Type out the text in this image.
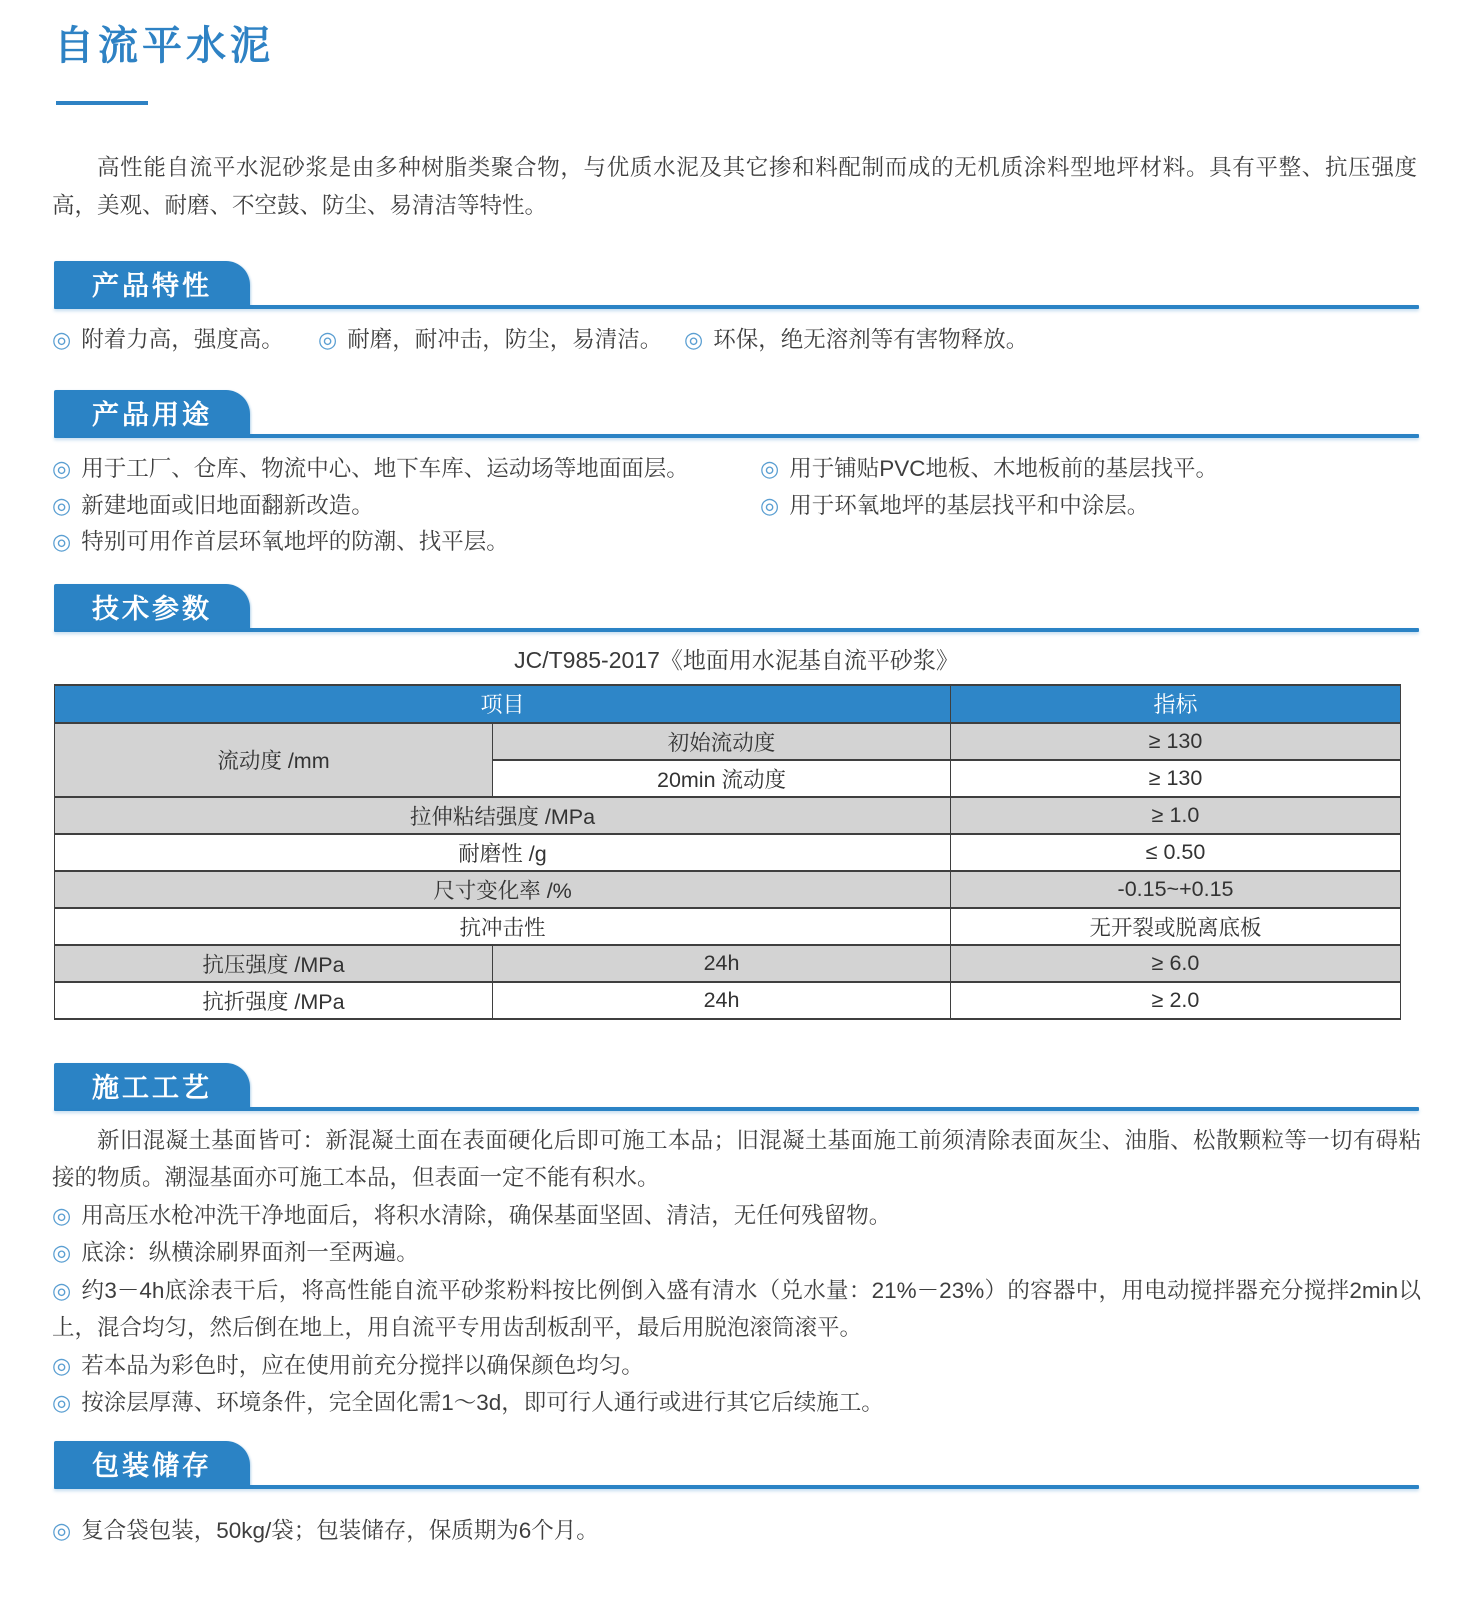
自流平水泥

高性能自流平水泥砂浆是由多种树脂类聚合物，与优质水泥及其它掺和料配制而成的无机质涂料型地坪材料。具有平整、抗压强度高，美观、耐磨、不空鼓、防尘、易清洁等特性。

产品特性
◎ 附着力高，强度高。	◎ 耐磨，耐冲击，防尘，易清洁。 ◎ 环保，绝无溶剂等有害物释放。
产品用途
◎ 用于工厂、仓库、物流中心、地下车库、运动场等地面面层。
◎ 新建地面或旧地面翻新改造。
◎ 特别可用作首层环氧地坪的防潮、找平层。
◎ 用于铺贴PVC地板、木地板前的基层找平。
◎ 用于环氧地坪的基层找平和中涂层。
技术参数
JC/T985-2017《地面用水泥基自流平砂浆》
项目		指标
流动度 /mm	初始流动度	≥ 130
	20min 流动度	≥ 130
拉伸粘结强度 /MPa		≥ 1.0
耐磨性 /g		≤ 0.50
尺寸变化率 /%		-0.15~+0.15
抗冲击性		无开裂或脱离底板
抗压强度 /MPa	24h	≥ 6.0
抗折强度 /MPa	24h	≥ 2.0
施工工艺

新旧混凝土基面皆可：新混凝土面在表面硬化后即可施工本品；旧混凝土基面施工前须清除表面灰尘、油脂、松散颗粒等一切有碍粘接的物质。潮湿基面亦可施工本品，但表面一定不能有积水。

◎ 用高压水枪冲洗干净地面后，将积水清除，确保基面坚固、清洁，无任何残留物。
◎ 底涂：纵横涂刷界面剂一至两遍。
◎ 约3－4h底涂表干后，将高性能自流平砂浆粉料按比例倒入盛有清水（兑水量：21%－23%）的容器中，用电动搅拌器充分搅拌2min以上，混合均匀，然后倒在地上，用自流平专用齿刮板刮平，最后用脱泡滚筒滚平。
◎ 若本品为彩色时，应在使用前充分搅拌以确保颜色均匀。
◎ 按涂层厚薄、环境条件，完全固化需1～3d，即可行人通行或进行其它后续施工。
包装储存
◎ 复合袋包装，50kg/袋；包装储存，保质期为6个月。
